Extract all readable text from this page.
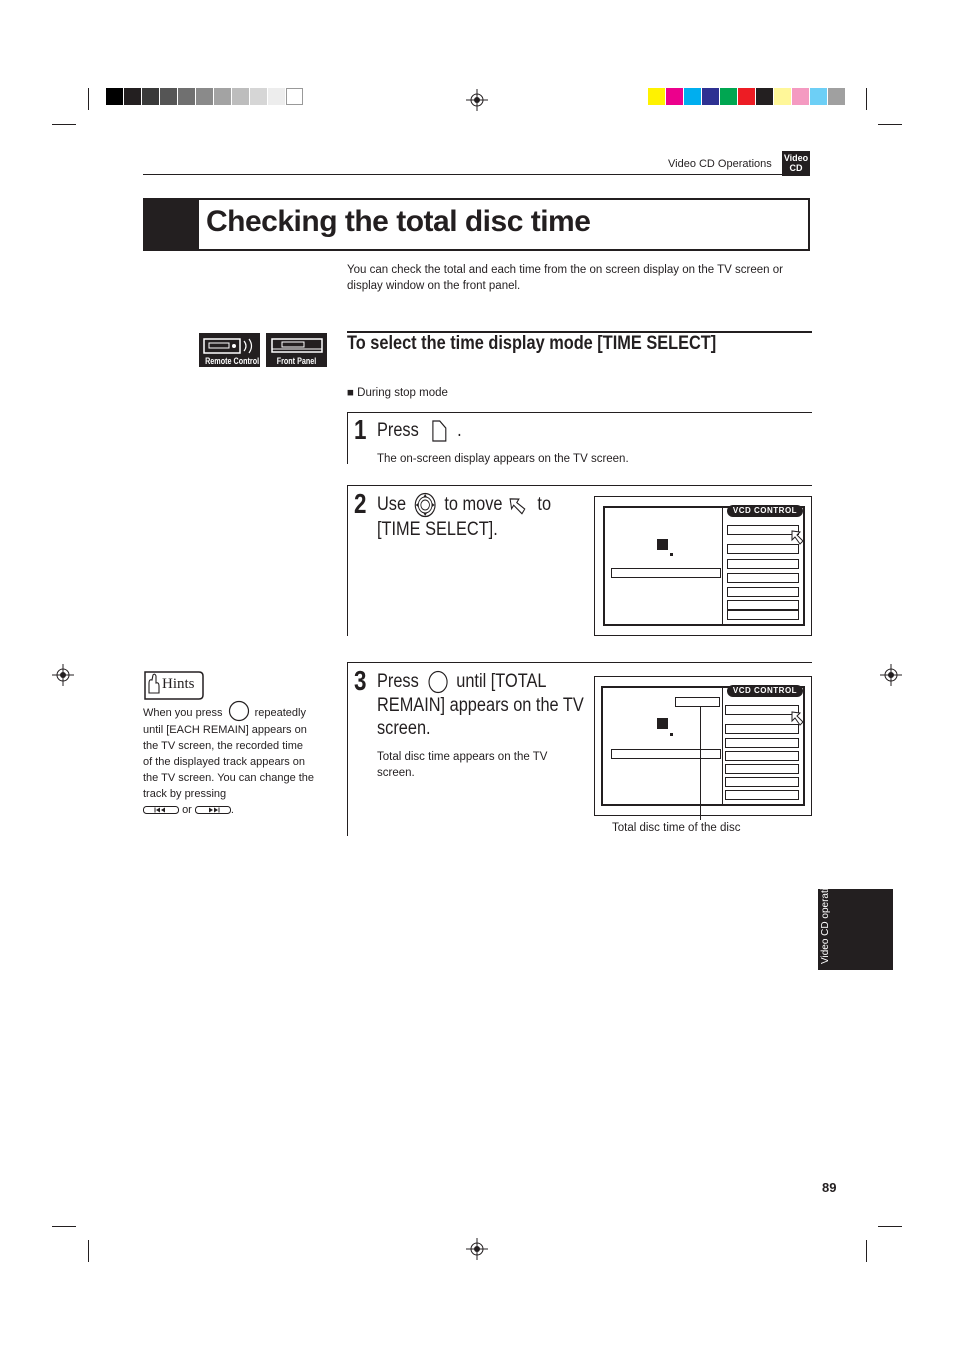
Video CD Operations Video
CD
Checking the total disc time
You can check the total and each time from the on screen display on the TV screen or display window on the front panel.
Remote Control	Front Panel
To select the time display mode [TIME SELECT]
■ During stop mode
1 Press .
The on-screen display appears on the TV screen.
2 Use to move to
[TIME SELECT].
VCD CONTROL
3 Press until [TOTAL
REMAIN] appears on the TV
screen.
Total disc time appears on the TV screen.
VCD CONTROL
Total disc time of the disc
Hints
When you press	repeatedly until [EACH REMAIN] appears on the TV screen, the recorded time of the displayed track appears on the TV screen. You can change the track by pressing
or	.
Video CD operations
89
